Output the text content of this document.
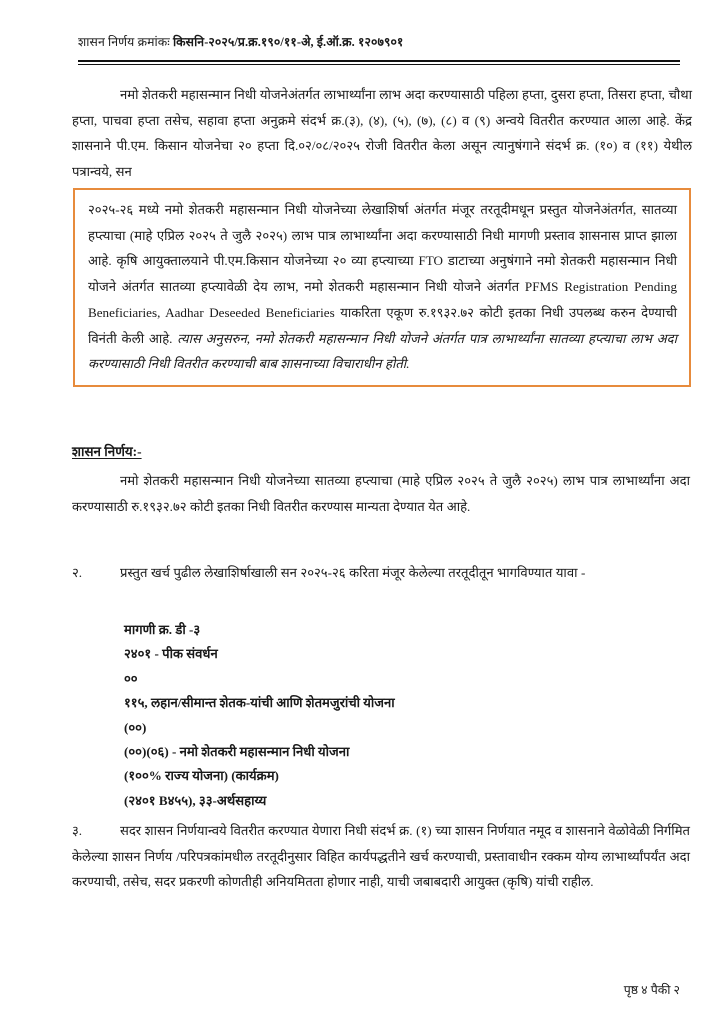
शासन निर्णय क्रमांकः किसनि-२०२५/प्र.क्र.१९०/११-अे, ई.ऑ.क्र. १२०७९०१

नमो शेतकरी महासन्मान निधी योजनेअंतर्गत लाभार्थ्यांना लाभ अदा करण्यासाठी पहिला हप्ता, दुसरा हप्ता, तिसरा हप्ता, चौथा हप्ता, पाचवा हप्ता तसेच, सहावा हप्ता अनुक्रमे संदर्भ क्र.(३), (४), (५), (७), (८) व (९) अन्वये वितरीत करण्यात आला आहे. केंद्र शासनाने पी.एम. किसान योजनेचा २० हप्ता दि.०२/०८/२०२५ रोजी वितरीत केला असून त्यानुषंगाने संदर्भ क्र. (१०) व (११) येथील पत्रान्वये, सन

२०२५-२६ मध्ये नमो शेतकरी महासन्मान निधी योजनेच्या लेखाशिर्षा अंतर्गत मंजूर तरतूदीमधून प्रस्तुत योजनेअंतर्गत, सातव्या हप्त्याचा (माहे एप्रिल २०२५ ते जुलै २०२५) लाभ पात्र लाभार्थ्यांना अदा करण्यासाठी निधी मागणी प्रस्ताव शासनास प्राप्त झाला आहे. कृषि आयुक्तालयाने पी.एम.किसान योजनेच्या २० व्या हप्त्याच्या FTO डाटाच्या अनुषंगाने नमो शेतकरी महासन्मान निधी योजने अंतर्गत सातव्या हप्त्यावेळी देय लाभ, नमो शेतकरी महासन्मान निधी योजने अंतर्गत PFMS Registration Pending Beneficiaries, Aadhar Deseeded Beneficiaries याकरिता एकूण रु.१९३२.७२ कोटी इतका निधी उपलब्ध करुन देण्याची विनंती केली आहे. त्यास अनुसरुन, नमो शेतकरी महासन्मान निधी योजने अंतर्गत पात्र लाभार्थ्यांना सातव्या हप्त्याचा लाभ अदा करण्यासाठी निधी वितरीत करण्याची बाब शासनाच्या विचाराधीन होती.

शासन निर्णय:-

नमो शेतकरी महासन्मान निधी योजनेच्या सातव्या हप्त्याचा (माहे एप्रिल २०२५ ते जुलै २०२५) लाभ पात्र लाभार्थ्यांना अदा करण्यासाठी रु.१९३२.७२ कोटी इतका निधी वितरीत करण्यास मान्यता देण्यात येत आहे.

२.	प्रस्तुत खर्च पुढील लेखाशिर्षाखाली सन २०२५-२६ करिता मंजूर केलेल्या तरतूदीतून भागविण्यात यावा -

मागणी क्र. डी -३
२४०१ - पीक संवर्धन
००
११५, लहान/सीमान्त शेतक-यांची आणि शेतमजुरांची योजना
(००)
(००)(०६) - नमो शेतकरी महासन्मान निधी योजना
(१००% राज्य योजना) (कार्यक्रम)
(२४०१ B४५५), ३३-अर्थसहाय्य

३.	सदर शासन निर्णयान्वये वितरीत करण्यात येणारा निधी संदर्भ क्र. (१) च्या शासन निर्णयात नमूद व शासनाने वेळोवेळी निर्गमित केलेल्या शासन निर्णय /परिपत्रकांमधील तरतूदीनुसार विहित कार्यपद्धतीने खर्च करण्याची, प्रस्तावाधीन रक्कम योग्य लाभार्थ्यांपर्यंत अदा करण्याची, तसेच, सदर प्रकरणी कोणतीही अनियमितता होणार नाही, याची जबाबदारी आयुक्त (कृषि) यांची राहील.

पृष्ठ ४ पैकी २
